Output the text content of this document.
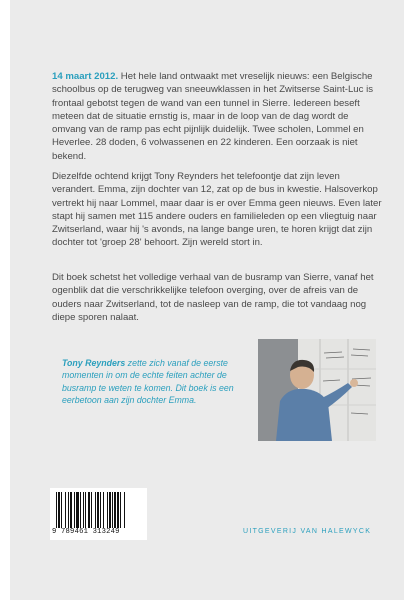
14 maart 2012. Het hele land ontwaakt met vreselijk nieuws: een Belgische schoolbus op de terugweg van sneeuwklassen in het Zwitserse Saint-Luc is frontaal gebotst tegen de wand van een tunnel in Sierre. Iedereen beseft meteen dat de situatie ernstig is, maar in de loop van de dag wordt de omvang van de ramp pas echt pijnlijk duidelijk. Twee scholen, Lommel en Heverlee. 28 doden, 6 volwassenen en 22 kinderen. Een oorzaak is niet bekend.

Diezelfde ochtend krijgt Tony Reynders het telefoontje dat zijn leven verandert. Emma, zijn dochter van 12, zat op de bus in kwestie. Halsoverkop vertrekt hij naar Lommel, maar daar is er over Emma geen nieuws. Even later stapt hij samen met 115 andere ouders en familieleden op een vliegtuig naar Zwitserland, waar hij 's avonds, na lange bange uren, te horen krijgt dat zijn dochter tot 'groep 28' behoort. Zijn wereld stort in.

Dit boek schetst het volledige verhaal van de busramp van Sierre, vanaf het ogenblik dat die verschrikkelijke telefoon overging, over de afreis van de ouders naar Zwitserland, tot de nasleep van de ramp, die tot vandaag nog diepe sporen nalaat.

Tony Reynders zette zich vanaf de eerste momenten in om de echte feiten achter de busramp te weten te komen. Dit boek is een eerbetoon aan zijn dochter Emma.

9 789461 313249	UITGEVERIJ VAN HALEWYCK
